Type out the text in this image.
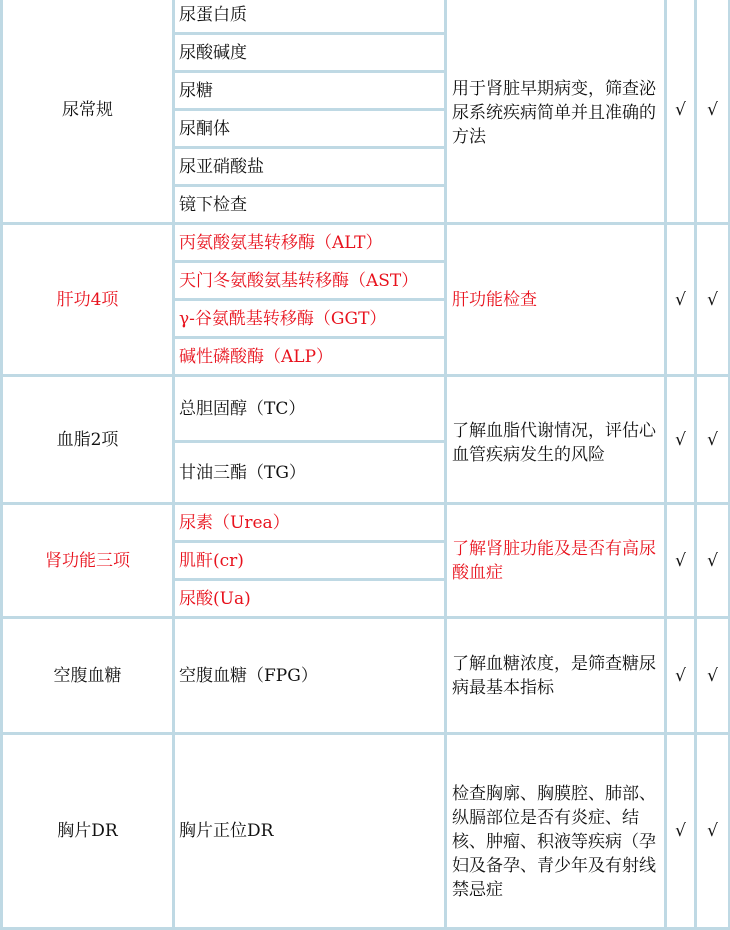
尿常规	尿蛋白质	用于肾脏早期病变，筛查泌尿系统疾病简单并且准确的方法	√	√
	尿酸碱度			
	尿糖			
	尿酮体			
	尿亚硝酸盐			
	镜下检查			
肝功4项	丙氨酸氨基转移酶（ALT）	肝功能检查	√	√
	天门冬氨酸氨基转移酶（AST）			
	γ-谷氨酰基转移酶（GGT）			
	碱性磷酸酶（ALP）			
血脂2项	总胆固醇（TC）	了解血脂代谢情况，评估心血管疾病发生的风险	√	√
	甘油三酯（TG）			
肾功能三项	尿素（Urea）	了解肾脏功能及是否有高尿酸血症	√	√
	肌酐(cr)			
	尿酸(Ua)			
空腹血糖	空腹血糖（FPG）	了解血糖浓度，是筛查糖尿病最基本指标	√	√
胸片DR	胸片正位DR	检查胸廓、胸膜腔、肺部、纵膈部位是否有炎症、结核、肿瘤、积液等疾病（孕妇及备孕、青少年及有射线禁忌症	√	√
